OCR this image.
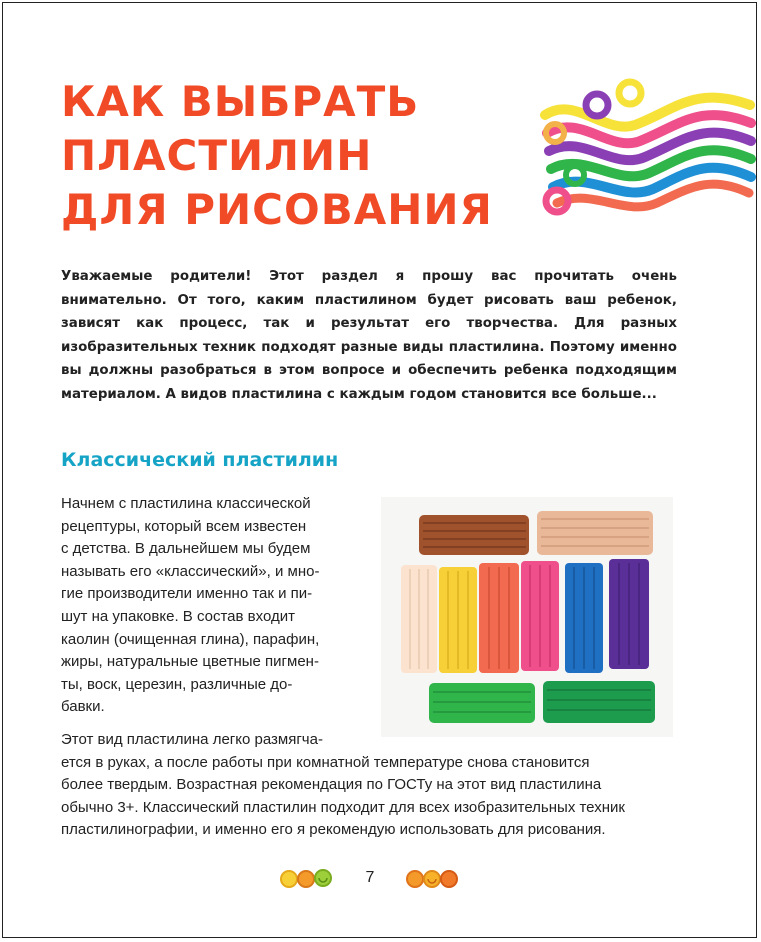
КАК ВЫБРАТЬ
ПЛАСТИЛИН
ДЛЯ РИСОВАНИЯ

Уважаемые родители! Этот раздел я прошу вас прочитать очень внимательно. От того, каким пластилином будет рисовать ваш ребенок, зависят как процесс, так и результат его творчества. Для разных изобразительных техник подходят разные виды пластилина. Поэтому именно вы должны разобраться в этом вопросе и обеспечить ребенка подходящим материалом. А видов пластилина с каждым годом становится все больше...

Классический пластилин

Начнем с пластилина классической
рецептуры, который всем известен
с детства. В дальнейшем мы будем
называть его «классический», и мно-
гие производители именно так и пи-
шут на упаковке. В состав входит
каолин (очищенная глина), парафин,
жиры, натуральные цветные пигмен-
ты, воск, церезин, различные до-
бавки.

Этот вид пластилина легко размягча-
ется в руках, а после работы при комнатной температуре снова становится
более твердым. Возрастная рекомендация по ГОСТу на этот вид пластилина
обычно 3+. Классический пластилин подходит для всех изобразительных техник
пластилинографии, и именно его я рекомендую использовать для рисования.

7
